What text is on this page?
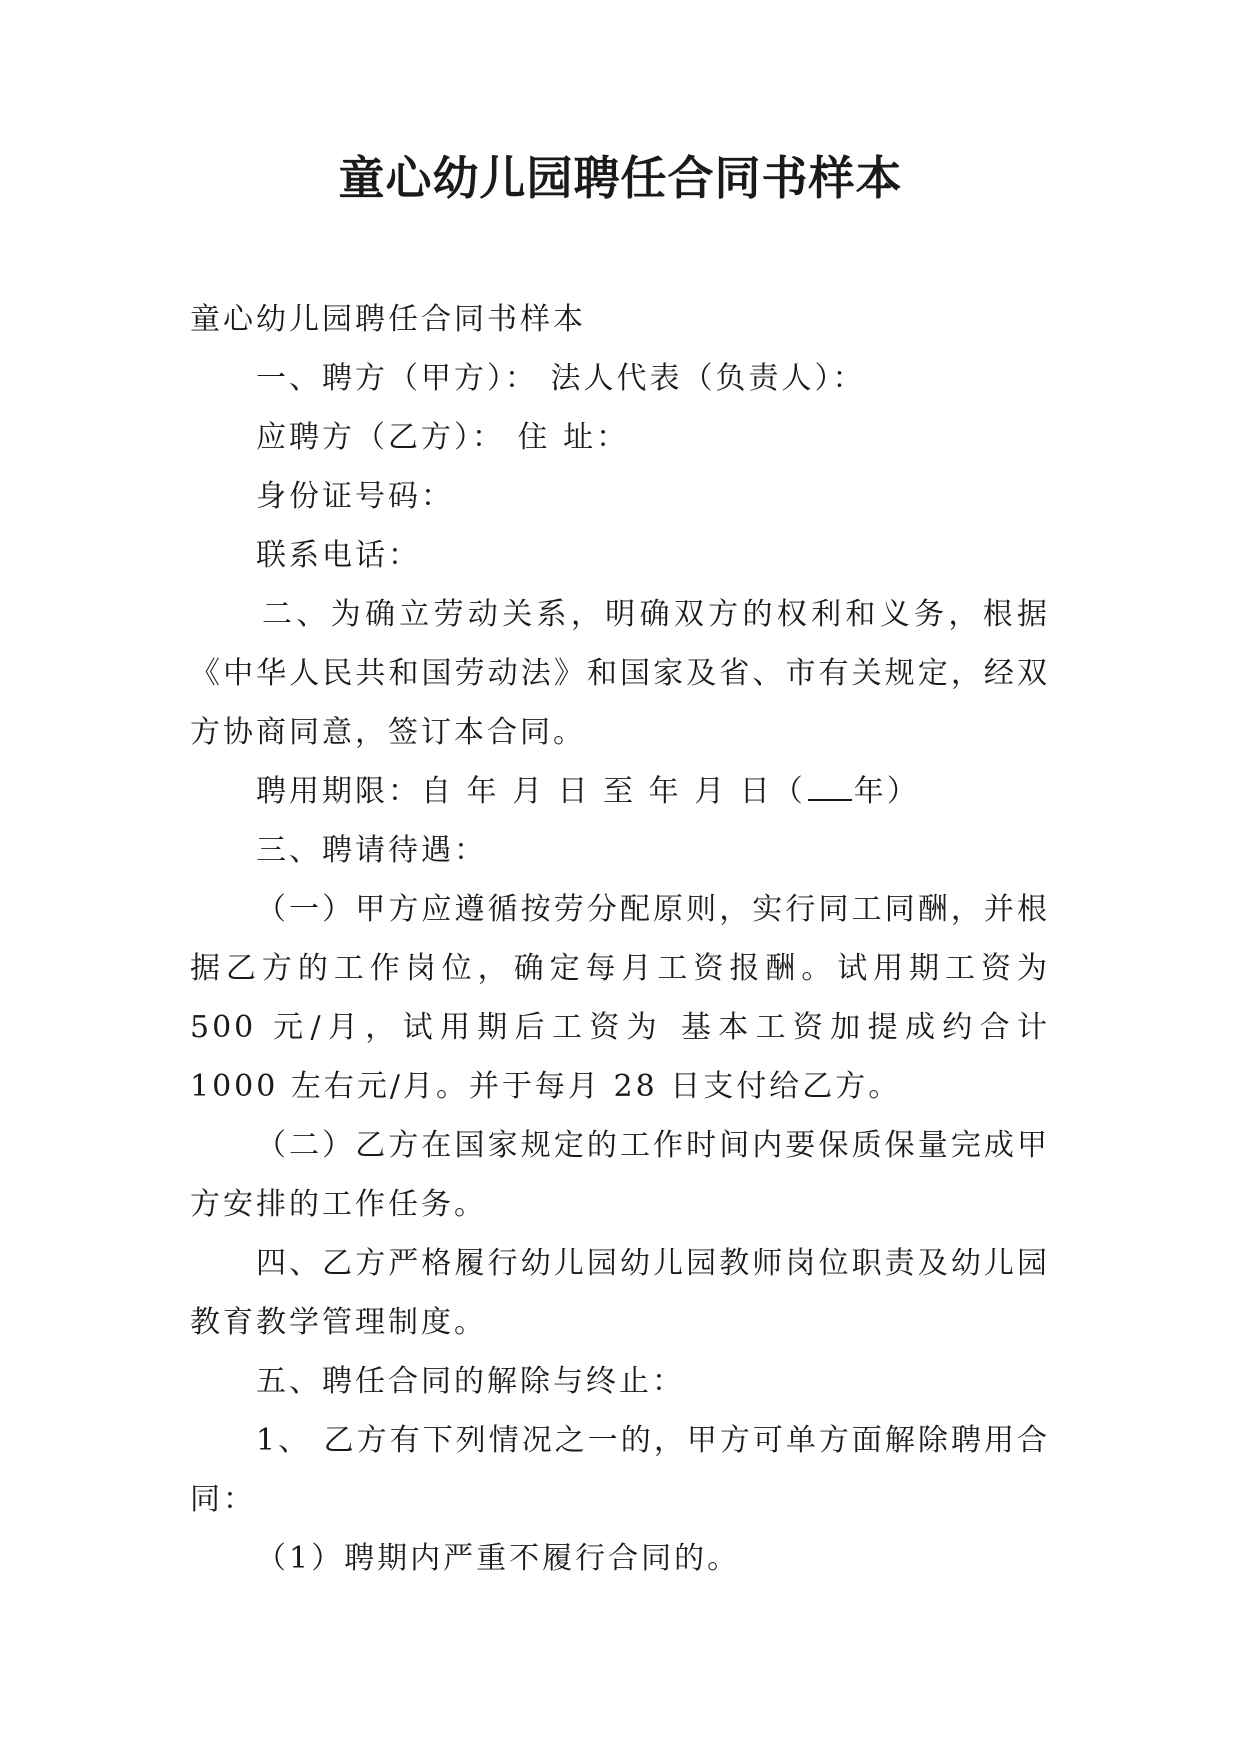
童心幼儿园聘任合同书样本

童心幼儿园聘任合同书样本

一、聘方（甲方）： 法人代表（负责人）：

应聘方（乙方）： 住 址：

身份证号码：

联系电话：

二、为确立劳动关系，明确双方的权利和义务，根据《中华人民共和国劳动法》和国家及省、市有关规定，经双方协商同意，签订本合同。

聘用期限：自 年 月 日 至 年 月 日（ 年）

三、聘请待遇：

（一）甲方应遵循按劳分配原则，实行同工同酬，并根据乙方的工作岗位，确定每月工资报酬。试用期工资为 500 元/月，试用期后工资为 基本工资加提成约合计 1000 左右元/月。并于每月 28 日支付给乙方。

（二）乙方在国家规定的工作时间内要保质保量完成甲方安排的工作任务。

四、乙方严格履行幼儿园幼儿园教师岗位职责及幼儿园教育教学管理制度。

五、聘任合同的解除与终止：

1、 乙方有下列情况之一的，甲方可单方面解除聘用合同：

（1）聘期内严重不履行合同的。
